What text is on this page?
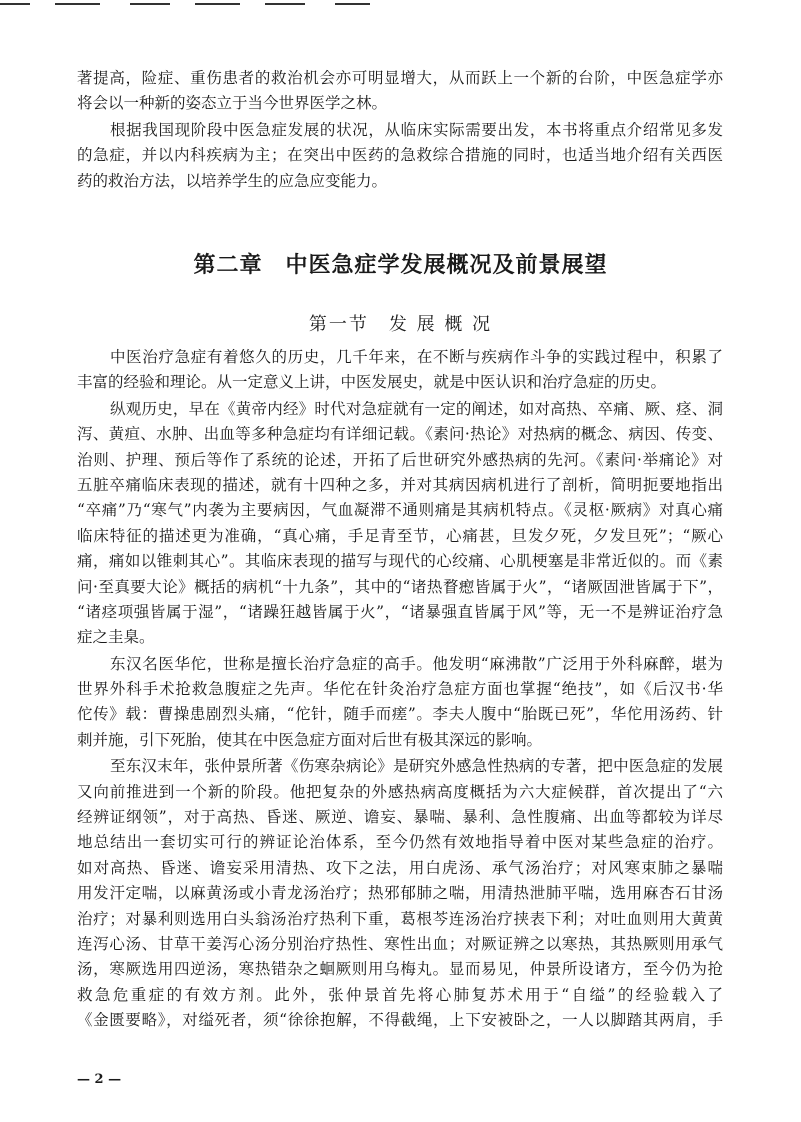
著提高，险症、重伤患者的救治机会亦可明显增大，从而跃上一个新的台阶，中医急症学亦
将会以一种新的姿态立于当今世界医学之林。
根据我国现阶段中医急症发展的状况，从临床实际需要出发，本书将重点介绍常见多发
的急症，并以内科疾病为主；在突出中医药的急救综合措施的同时，也适当地介绍有关西医
药的救治方法，以培养学生的应急应变能力。
第二章　中医急症学发展概况及前景展望
第一节　发 展 概 况
中医治疗急症有着悠久的历史，几千年来，在不断与疾病作斗争的实践过程中，积累了
丰富的经验和理论。从一定意义上讲，中医发展史，就是中医认识和治疗急症的历史。
纵观历史，早在《黄帝内经》时代对急症就有一定的阐述，如对高热、卒痛、厥、痉、洞
泻、黄疸、水肿、出血等多种急症均有详细记载。《素问·热论》对热病的概念、病因、传变、
治则、护理、预后等作了系统的论述，开拓了后世研究外感热病的先河。《素问·举痛论》对
五脏卒痛临床表现的描述，就有十四种之多，并对其病因病机进行了剖析，简明扼要地指出
“卒痛”乃“寒气”内袭为主要病因，气血凝滞不通则痛是其病机特点。《灵枢·厥病》对真心痛
临床特征的描述更为准确，“真心痛，手足青至节，心痛甚，旦发夕死，夕发旦死”；“厥心
痛，痛如以锥刺其心”。其临床表现的描写与现代的心绞痛、心肌梗塞是非常近似的。而《素
问·至真要大论》概括的病机“十九条”，其中的“诸热瞀瘛皆属于火”，“诸厥固泄皆属于下”，
“诸痉项强皆属于湿”，“诸躁狂越皆属于火”，“诸暴强直皆属于风”等，无一不是辨证治疗急
症之圭臬。
东汉名医华佗，世称是擅长治疗急症的高手。他发明“麻沸散”广泛用于外科麻醉，堪为
世界外科手术抢救急腹症之先声。华佗在针灸治疗急症方面也掌握“绝技”，如《后汉书·华
佗传》载：曹操患剧烈头痛，“佗针，随手而瘥”。李夫人腹中“胎既已死”，华佗用汤药、针
刺并施，引下死胎，使其在中医急症方面对后世有极其深远的影响。
至东汉末年，张仲景所著《伤寒杂病论》是研究外感急性热病的专著，把中医急症的发展
又向前推进到一个新的阶段。他把复杂的外感热病高度概括为六大症候群，首次提出了“六
经辨证纲领”，对于高热、昏迷、厥逆、谵妄、暴喘、暴利、急性腹痛、出血等都较为详尽
地总结出一套切实可行的辨证论治体系，至今仍然有效地指导着中医对某些急症的治疗。
如对高热、昏迷、谵妄采用清热、攻下之法，用白虎汤、承气汤治疗；对风寒束肺之暴喘
用发汗定喘，以麻黄汤或小青龙汤治疗；热邪郁肺之喘，用清热泄肺平喘，选用麻杏石甘汤
治疗；对暴利则选用白头翁汤治疗热利下重，葛根芩连汤治疗挟表下利；对吐血则用大黄黄
连泻心汤、甘草干姜泻心汤分别治疗热性、寒性出血；对厥证辨之以寒热，其热厥则用承气
汤，寒厥选用四逆汤，寒热错杂之蛔厥则用乌梅丸。显而易见，仲景所设诸方，至今仍为抢
救急危重症的有效方剂。此外，张仲景首先将心肺复苏术用于“自缢”的经验载入了
《金匮要略》，对缢死者，须“徐徐抱解，不得截绳，上下安被卧之，一人以脚踏其两肩，手
— 2 —
